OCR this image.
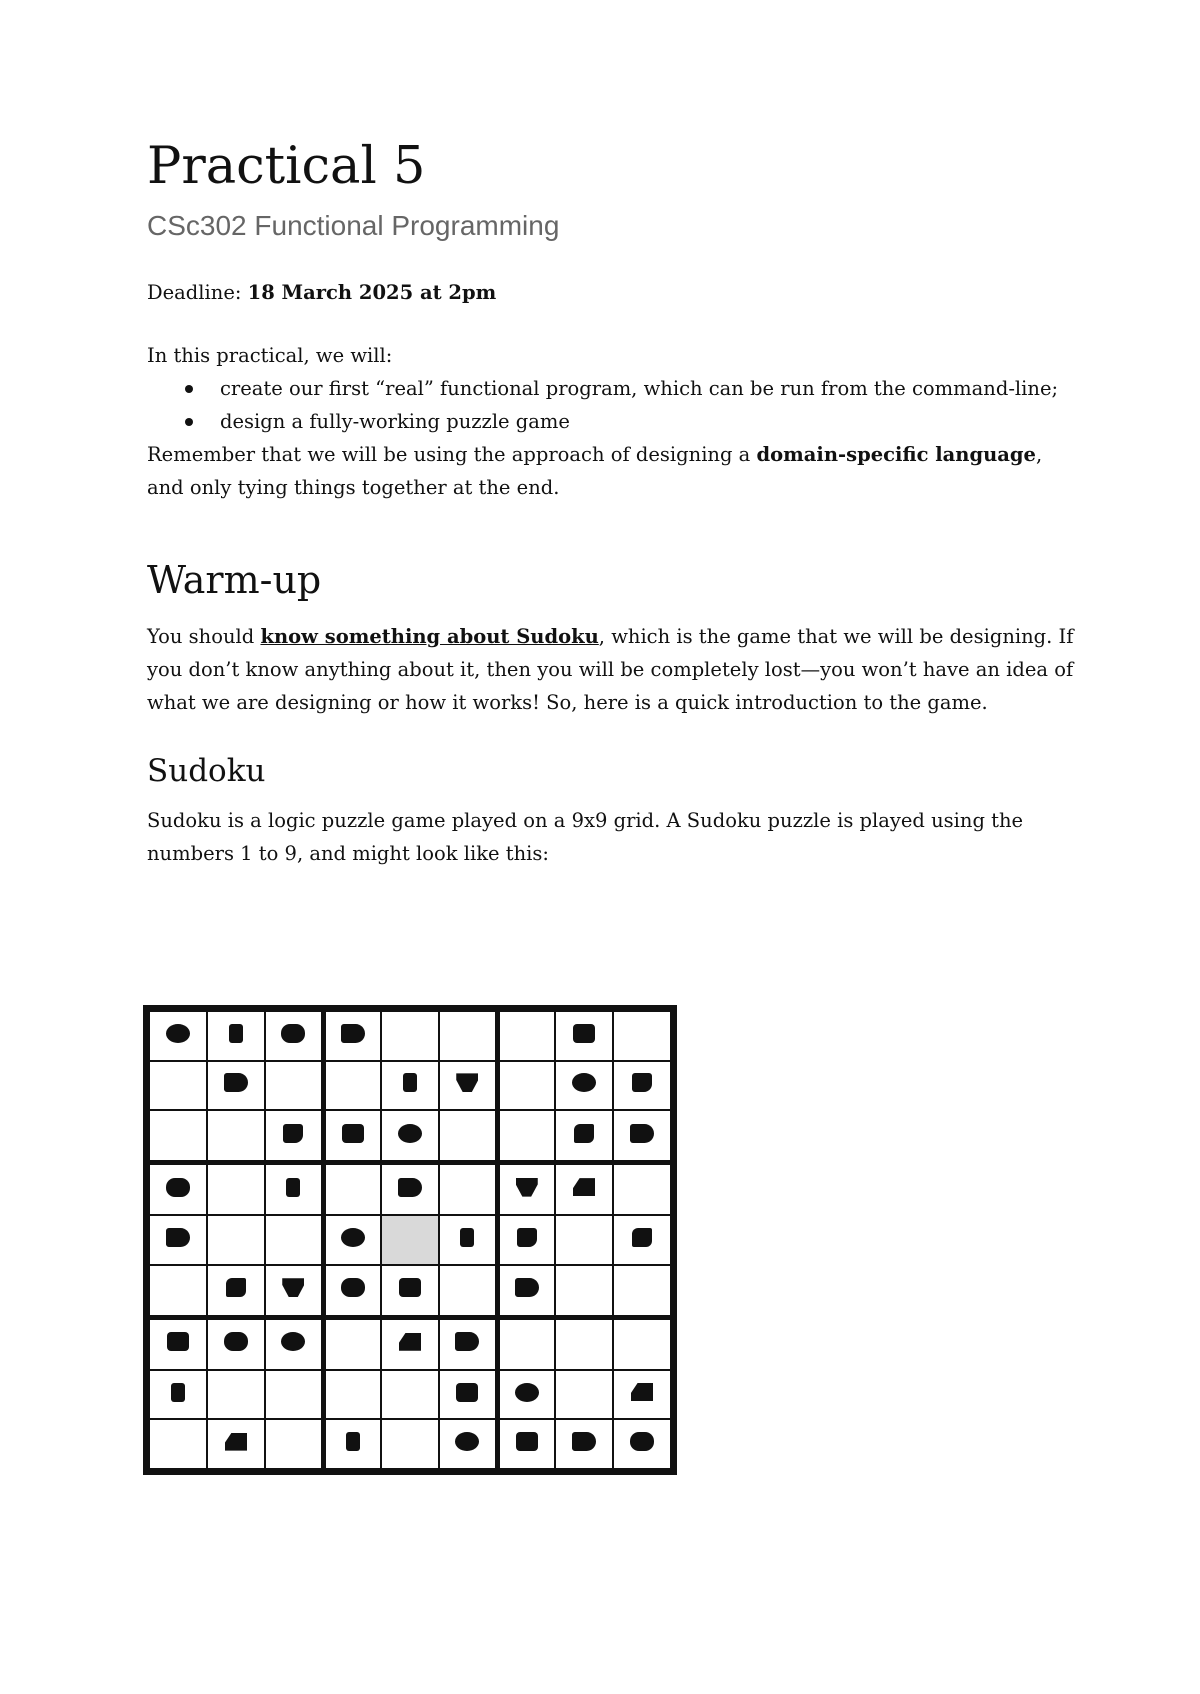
Practical 5
CSc302 Functional Programming

Deadline: 18 March 2025 at 2pm

In this practical, we will:

create our first “real” functional program, which can be run from the command-line;
design a fully-working puzzle game

Remember that we will be using the approach of designing a domain-specific language, and only tying things together at the end.

Warm-up

You should know something about Sudoku, which is the game that we will be designing. If you don’t know anything about it, then you will be completely lost—you won’t have an idea of what we are designing or how it works! So, here is a quick introduction to the game.

Sudoku

Sudoku is a logic puzzle game played on a 9x9 grid. A Sudoku puzzle is played using the numbers 1 to 9, and might look like this:
